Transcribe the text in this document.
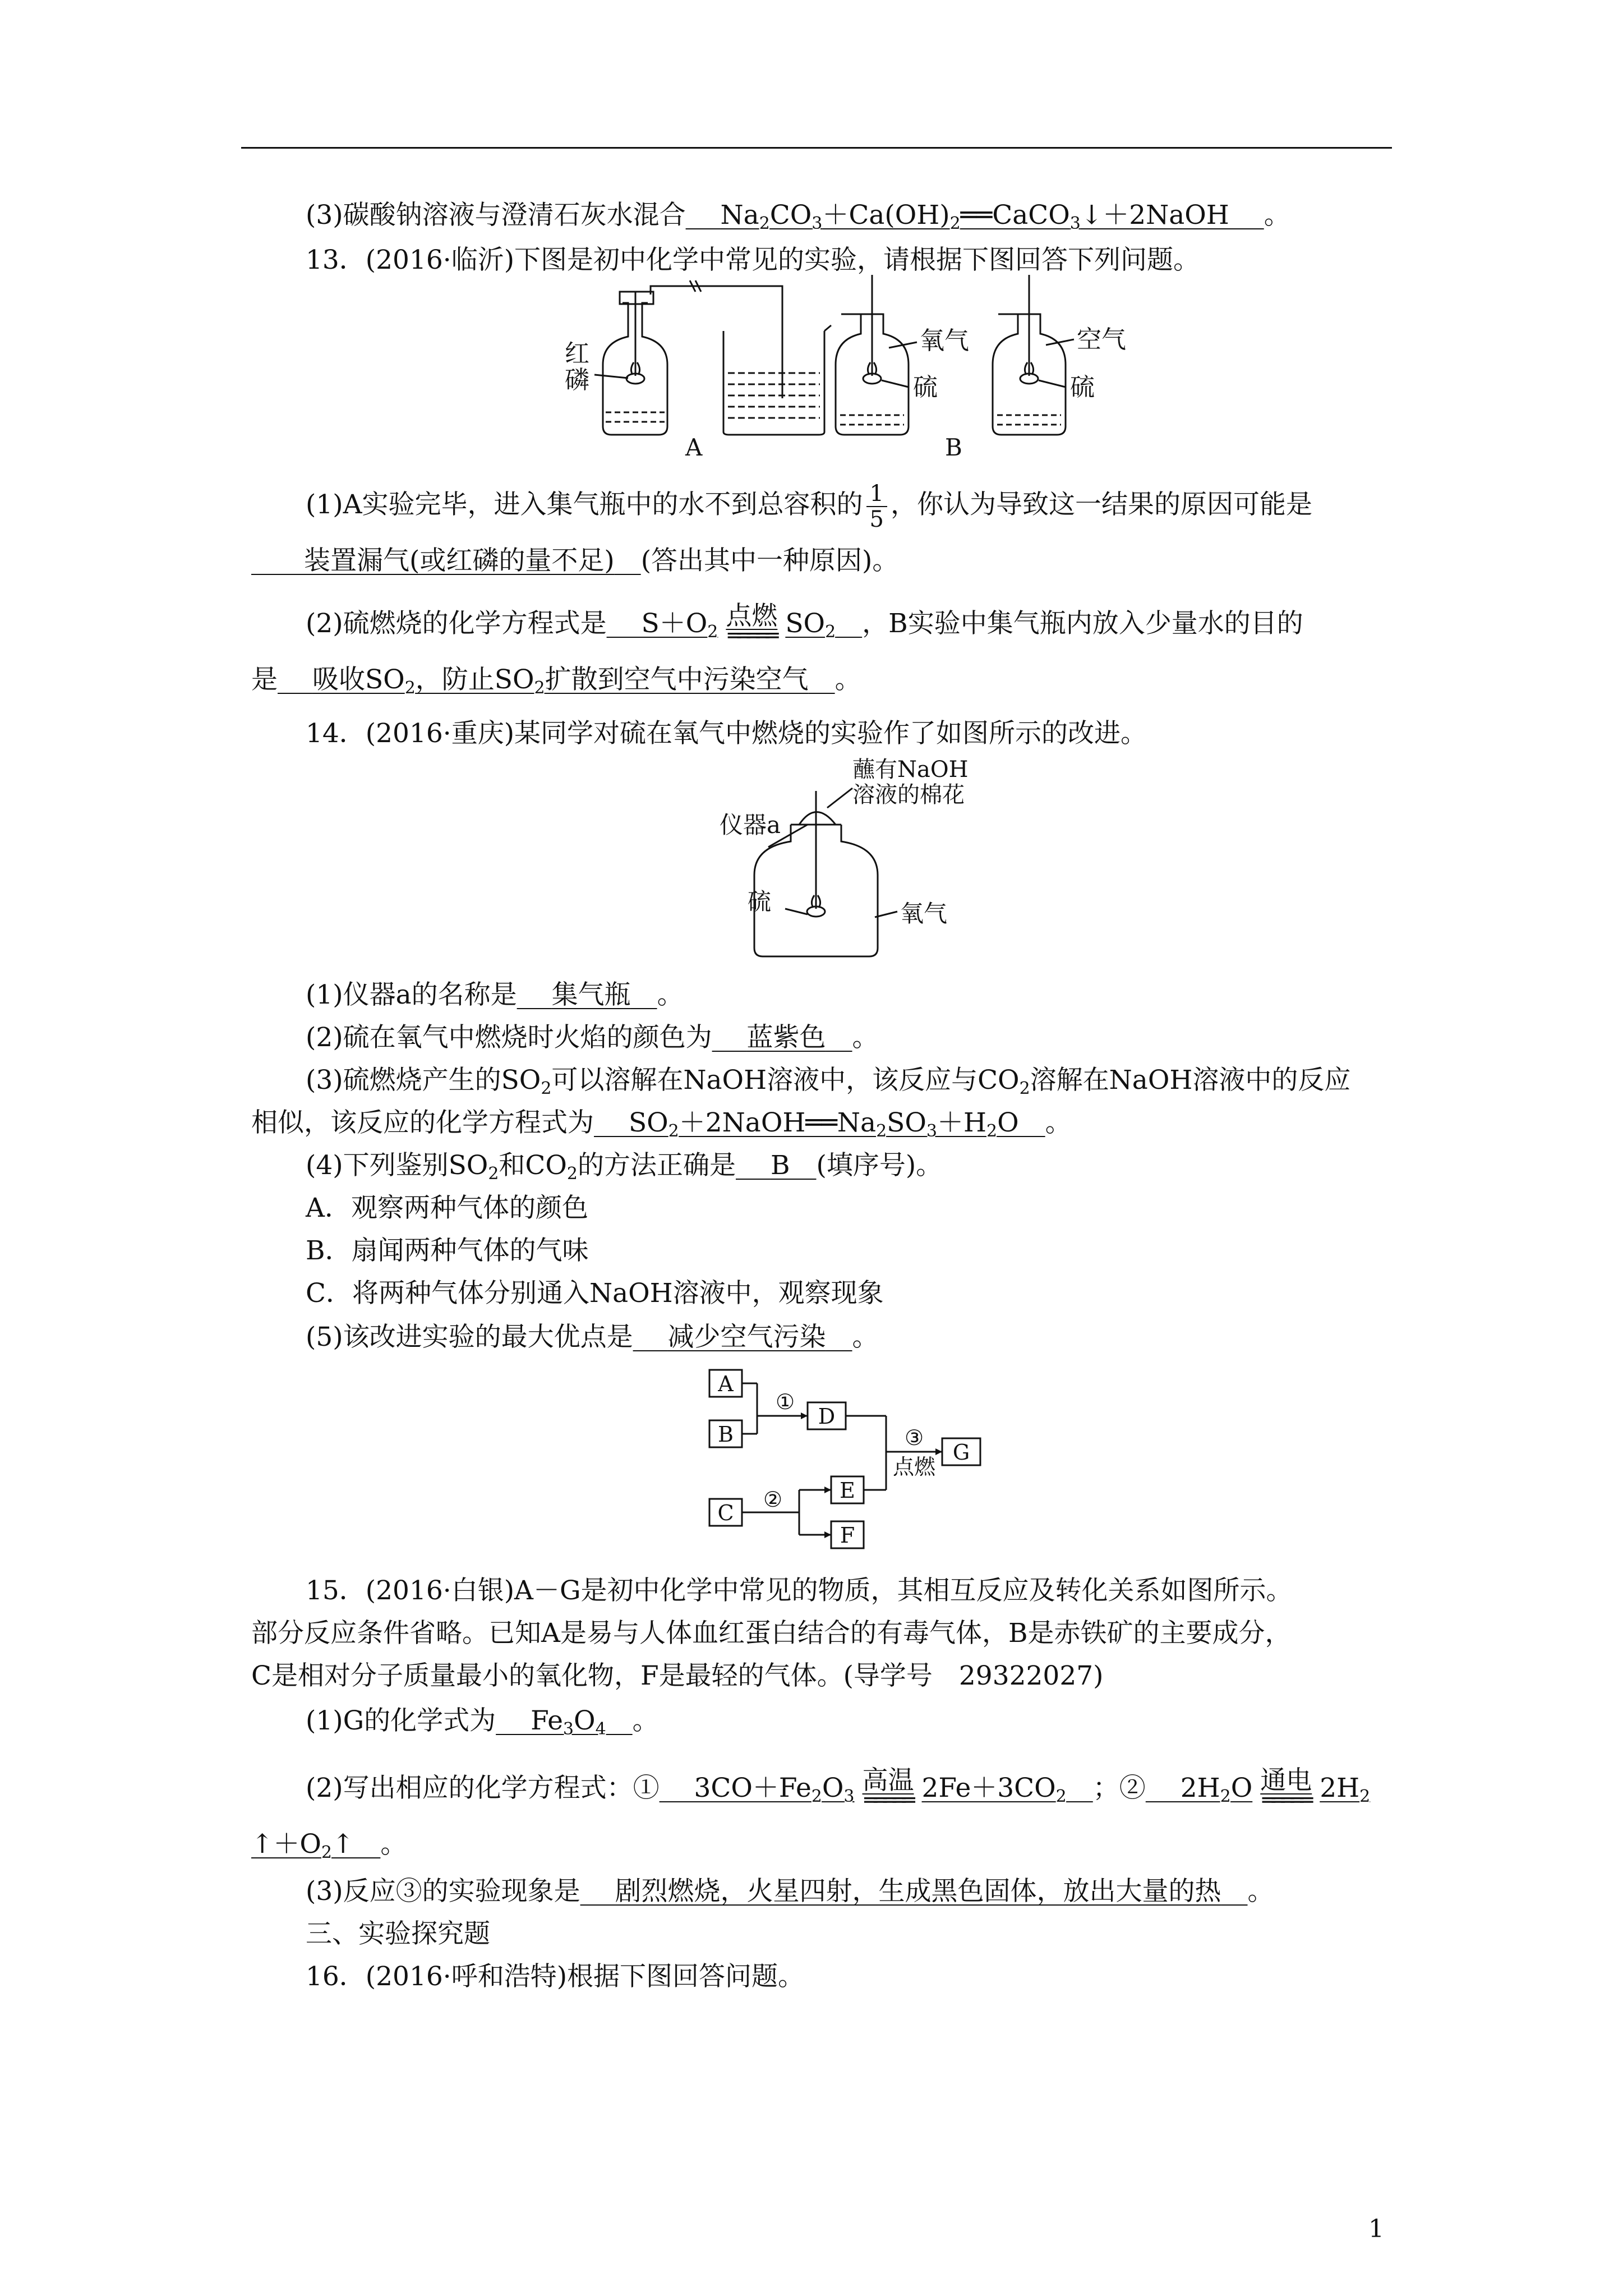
(3)碳酸钠溶液与澄清石灰水混合　 $Na_2CO_3+Ca(OH)_2══CaCO_3↓+2NaOH$　 。
13．(2016·临沂)下图是初中化学中常见的实验，请根据下图回答下列问题。
红
磷
A
氧气
硫
B
空气
硫
(1)A实验完毕，进入集气瓶中的水不到总容积的 $\frac{1}{5}$ ，你认为导致这一结果的原因可能是
　　装置漏气(或红磷的量不足)　 (答出其中一种原因)。
(2)硫燃烧的化学方程式是　 $S+O_2$
点燃
═════ $SO_2$　 ，B实验中集气瓶内放入少量水的目的
是　 吸收$SO_2$，防止$SO_2$扩散到空气中污染空气　 。
14．(2016·重庆)某同学对硫在氧气中燃烧的实验作了如图所示的改进。
蘸有NaOH
溶液的棉花
仪器a
硫	氧气
(1)仪器a的名称是　 集气瓶　 。
(2)硫在氧气中燃烧时火焰的颜色为　 蓝紫色　 。
(3)硫燃烧产生的$SO_2$可以溶解在NaOH溶液中，该反应与$CO_2$溶解在NaOH溶液中的反应
相似，该反应的化学方程式为　 $SO_2+2NaOH══Na_2SO_3+H_2O$　。
(4)下列鉴别$SO_2$和$CO_2$的方法正确是　 B　 (填序号)。
A．观察两种气体的颜色
B．扇闻两种气体的气味
C．将两种气体分别通入NaOH溶液中，观察现象
(5)该改进实验的最大优点是　 减少空气污染　 。
A
B
D
G
C
E
F
①
③
点燃
②
15．(2016·白银)A－G是初中化学中常见的物质，其相互反应及转化关系如图所示。
部分反应条件省略。已知A是易与人体血红蛋白结合的有毒气体，B是赤铁矿的主要成分，
C是相对分子质量最小的氧化物，F是最轻的气体。(导学号　29322027)
(1)G的化学式为　 $Fe_3O_4$　 。
(2)写出相应的化学方程式：①　 $3CO+Fe_2O_3$
高温
═════ $2Fe+3CO_2$　 ；②　 $2H_2O$ 通电
═════ $2H_2$
$↑+O_2↑$　。
(3)反应③的实验现象是　 剧烈燃烧，火星四射，生成黑色固体，放出大量的热　 。
三、实验探究题
16．(2016·呼和浩特)根据下图回答问题。
1
